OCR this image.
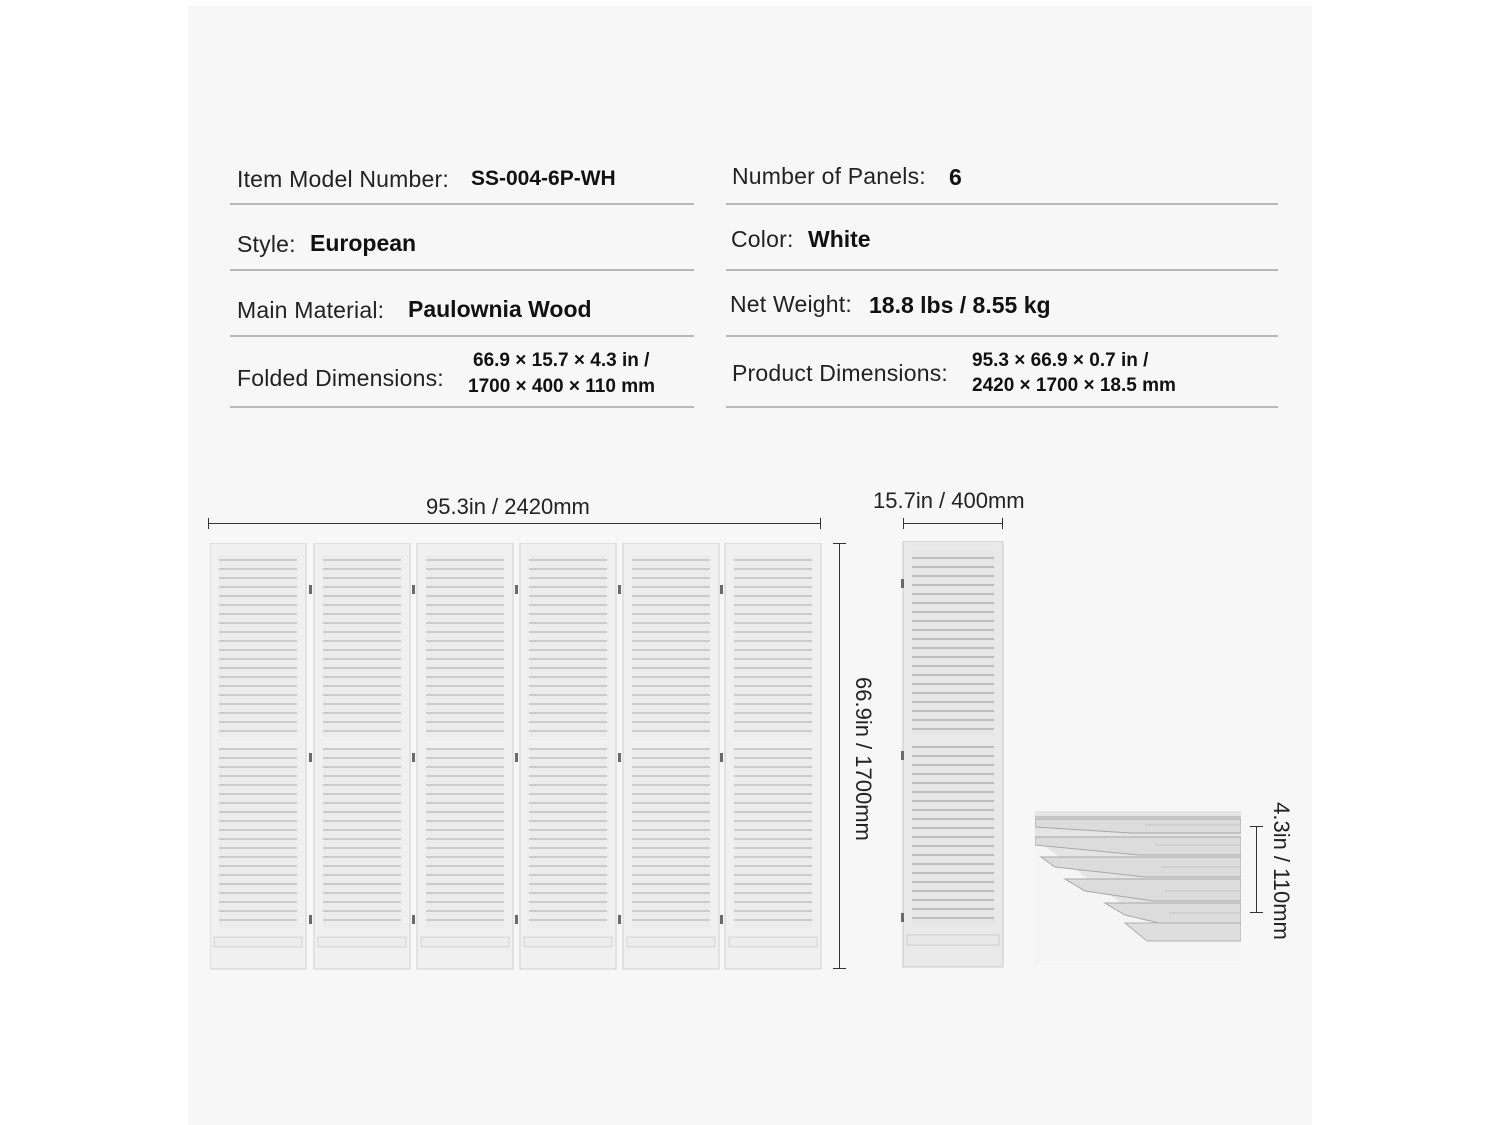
Item Model Number: SS-004-6P-WH
Style: European
Main Material: Paulownia Wood
Folded Dimensions:
66.9 × 15.7 × 4.3 in /
1700 × 400 × 110 mm
Number of Panels: 6
Color: White
Net Weight: 18.8 lbs / 8.55 kg
Product Dimensions: 95.3 × 66.9 × 0.7 in /
2420 × 1700 × 18.5 mm
95.3in / 2420mm
66.9in / 1700mm
15.7in / 400mm
4.3in / 110mm
